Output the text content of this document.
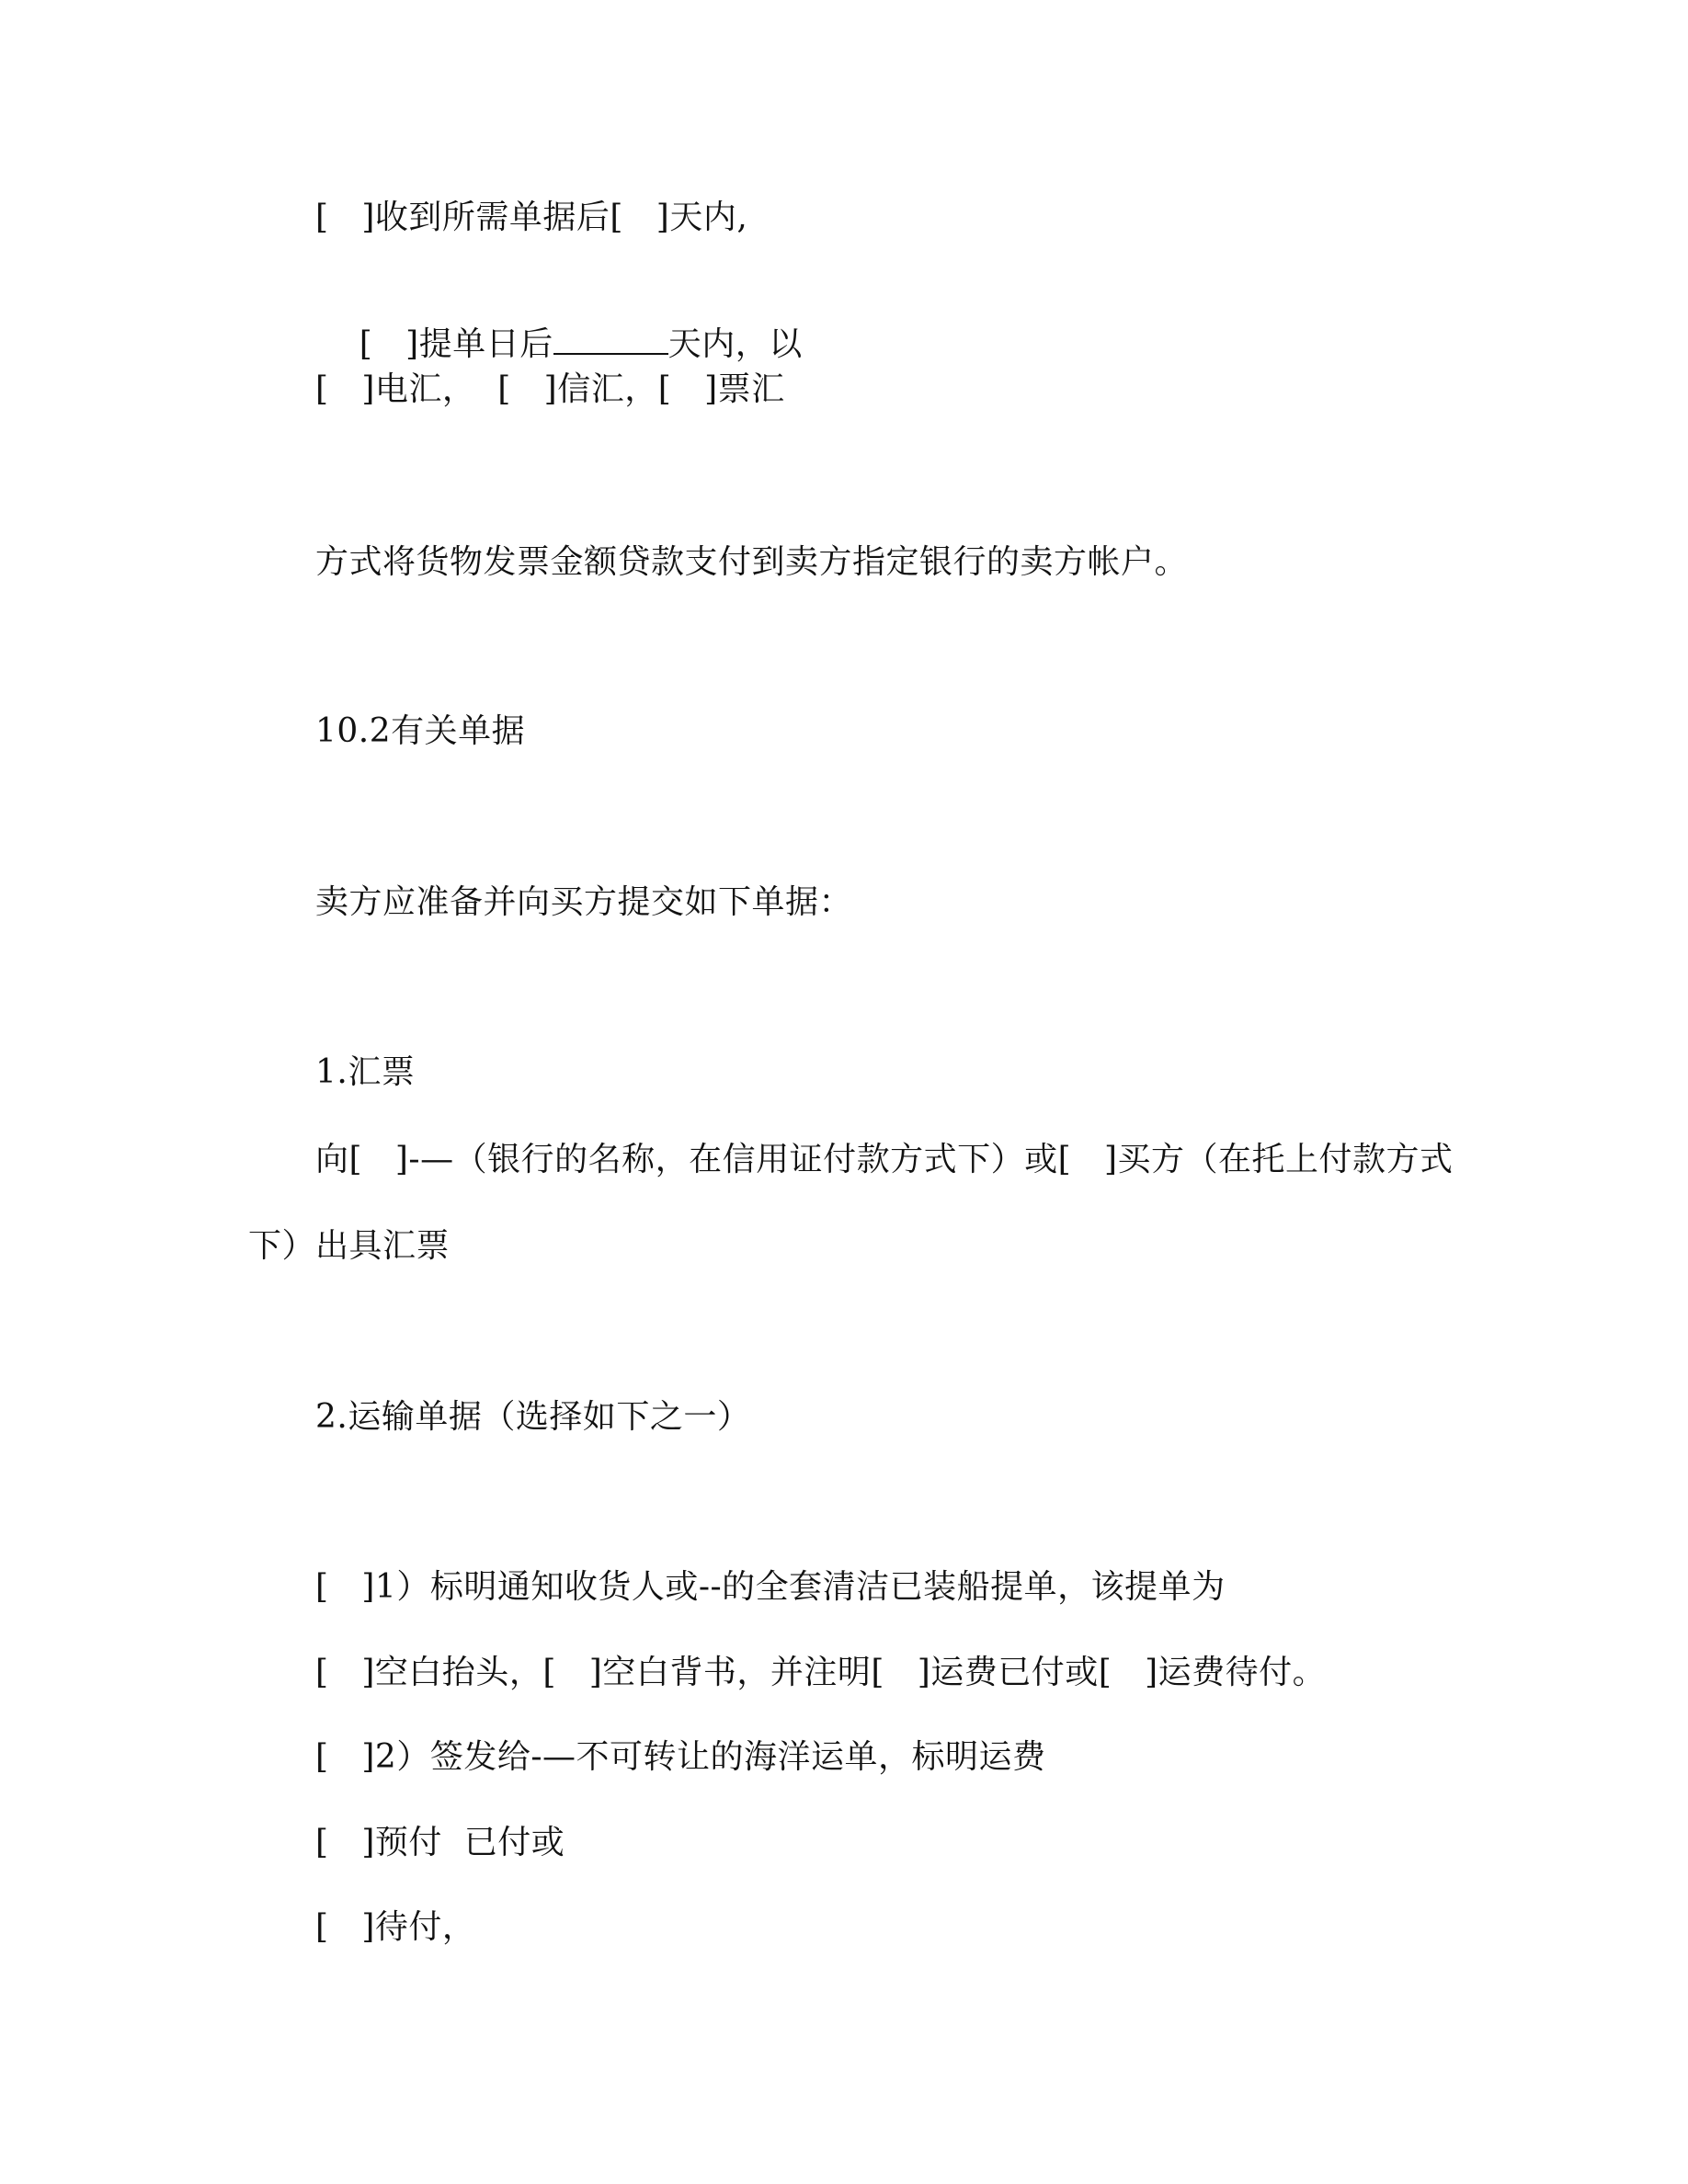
[   ]收到所需单据后[   ]天内,

[   ]提单日后	天内，以

[   ]电汇，  [   ]信汇，[   ]票汇
方式将货物发票金额贷款支付到卖方指定银行的卖方帐户。
10.2有关单据
卖方应准备并向买方提交如下单据：
1.汇票
向[   ]-—（银行的名称，在信用证付款方式下）或[   ]买方（在托上付款方式
下）出具汇票
2.运输单据（选择如下之一）
[   ]1）标明通知收货人或--的全套清洁已装船提单，该提单为
[   ]空白抬头，[   ]空白背书，并注明[   ]运费已付或[   ]运费待付。
[   ]2）签发给-—不可转让的海洋运单，标明运费
[   ]预付  已付或
[   ]待付，
